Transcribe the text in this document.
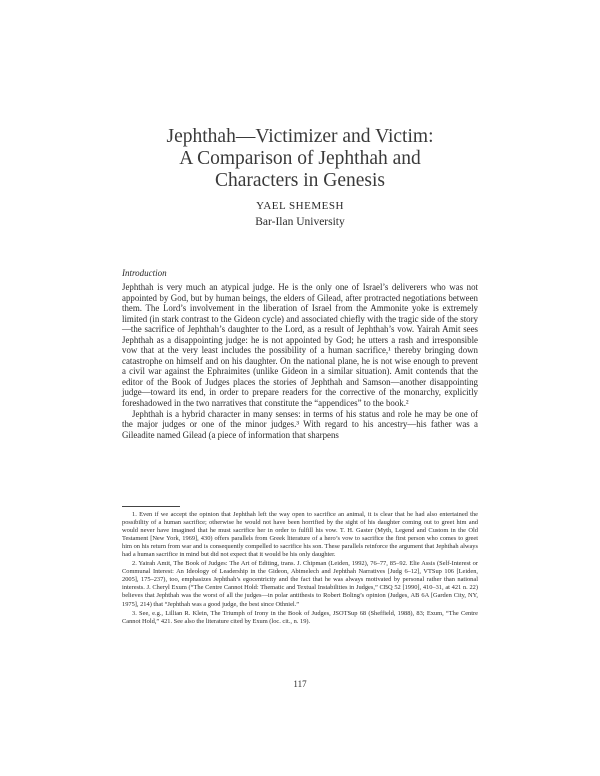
Jephthah—Victimizer and Victim:
A Comparison of Jephthah and
Characters in Genesis
YAEL SHEMESH
Bar-Ilan University
Introduction

Jephthah is very much an atypical judge. He is the only one of Israel’s deliverers who was not appointed by God, but by human beings, the elders of Gilead, after protracted negotiations between them. The Lord’s involvement in the liberation of Israel from the Ammonite yoke is extremely limited (in stark contrast to the Gideon cycle) and associated chiefly with the tragic side of the story—the sacrifice of Jephthah’s daughter to the Lord, as a result of Jephthah’s vow. Yairah Amit sees Jephthah as a disappointing judge: he is not appointed by God; he utters a rash and irresponsible vow that at the very least includes the possibility of a human sacrifice,¹ thereby bringing down catastrophe on himself and on his daughter. On the national plane, he is not wise enough to prevent a civil war against the Ephraimites (unlike Gideon in a similar situation). Amit contends that the editor of the Book of Judges places the stories of Jephthah and Samson—another disappointing judge—toward its end, in order to prepare readers for the corrective of the monarchy, explicitly foreshadowed in the two narratives that constitute the “appendices” to the book.²

Jephthah is a hybrid character in many senses: in terms of his status and role he may be one of the major judges or one of the minor judges.³ With regard to his ancestry—his father was a Gileadite named Gilead (a piece of information that sharpens

1. Even if we accept the opinion that Jephthah left the way open to sacrifice an animal, it is clear that he had also entertained the possibility of a human sacrifice; otherwise he would not have been horrified by the sight of his daughter coming out to greet him and would never have imagined that he must sacrifice her in order to fulfill his vow. T. H. Gaster (Myth, Legend and Custom in the Old Testament [New York, 1969], 430) offers parallels from Greek literature of a hero’s vow to sacrifice the first person who comes to greet him on his return from war and is consequently compelled to sacrifice his son. These parallels reinforce the argument that Jephthah always had a human sacrifice in mind but did not expect that it would be his only daughter.

2. Yairah Amit, The Book of Judges: The Art of Editing, trans. J. Chipman (Leiden, 1992), 76–77, 85–92. Elie Assis (Self-Interest or Communal Interest: An Ideology of Leadership in the Gideon, Abimelech and Jephthah Narratives [Judg 6–12], VTSup 106 [Leiden, 2005], 175–237), too, emphasizes Jephthah’s egocentricity and the fact that he was always motivated by personal rather than national interests. J. Cheryl Exum (“The Centre Cannot Hold: Thematic and Textual Instabilities in Judges,” CBQ 52 [1990], 410–31, at 421 n. 22) believes that Jephthah was the worst of all the judges—in polar antithesis to Robert Boling’s opinion (Judges, AB 6A [Garden City, NY, 1975], 214) that “Jephthah was a good judge, the best since Othniel.”

3. See, e.g., Lillian R. Klein, The Triumph of Irony in the Book of Judges, JSOTSup 68 (Sheffield, 1988), 83; Exum, “The Centre Cannot Hold,” 421. See also the literature cited by Exum (loc. cit., n. 19).

117
